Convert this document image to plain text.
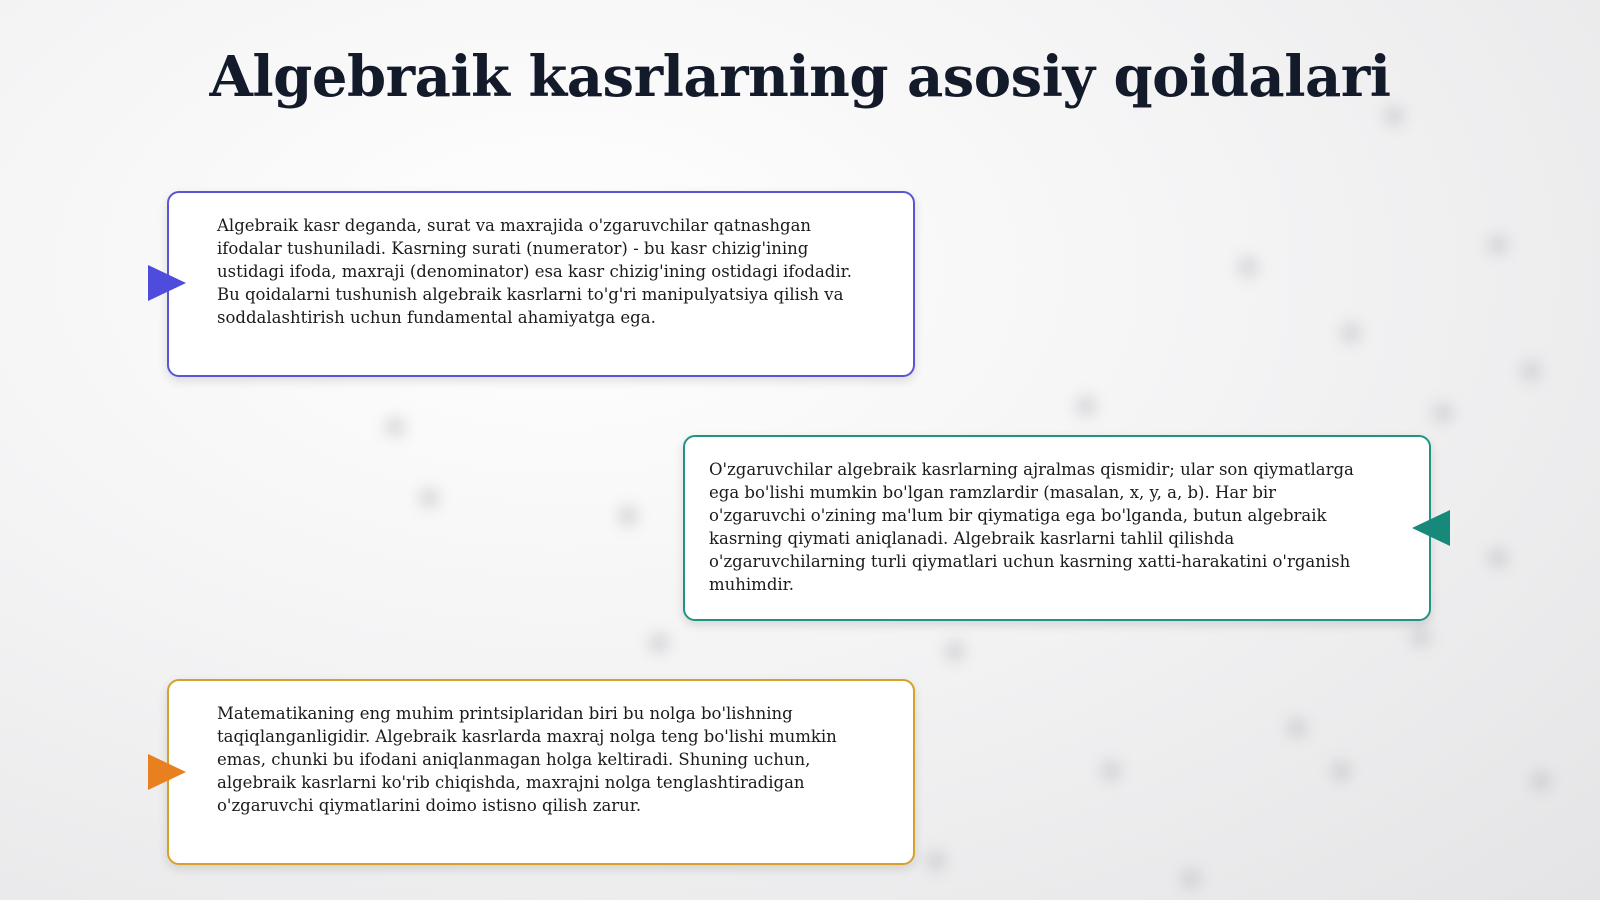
Algebraik kasrlarning asosiy qoidalari

Algebraik kasr deganda, surat va maxrajida o'zgaruvchilar qatnashgan ifodalar tushuniladi. Kasrning surati (numerator) - bu kasr chizig'ining ustidagi ifoda, maxraji (denominator) esa kasr chizig'ining ostidagi ifodadir. Bu qoidalarni tushunish algebraik kasrlarni to'g'ri manipulyatsiya qilish va soddalashtirish uchun fundamental ahamiyatga ega.

O'zgaruvchilar algebraik kasrlarning ajralmas qismidir; ular son qiymatlarga ega bo'lishi mumkin bo'lgan ramzlardir (masalan, x, y, a, b). Har bir o'zgaruvchi o'zining ma'lum bir qiymatiga ega bo'lganda, butun algebraik kasrning qiymati aniqlanadi. Algebraik kasrlarni tahlil qilishda o'zgaruvchilarning turli qiymatlari uchun kasrning xatti-harakatini o'rganish muhimdir.

Matematikaning eng muhim printsiplaridan biri bu nolga bo'lishning taqiqlanganligidir. Algebraik kasrlarda maxraj nolga teng bo'lishi mumkin emas, chunki bu ifodani aniqlanmagan holga keltiradi. Shuning uchun, algebraik kasrlarni ko'rib chiqishda, maxrajni nolga tenglashtiradigan o'zgaruvchi qiymatlarini doimo istisno qilish zarur.
